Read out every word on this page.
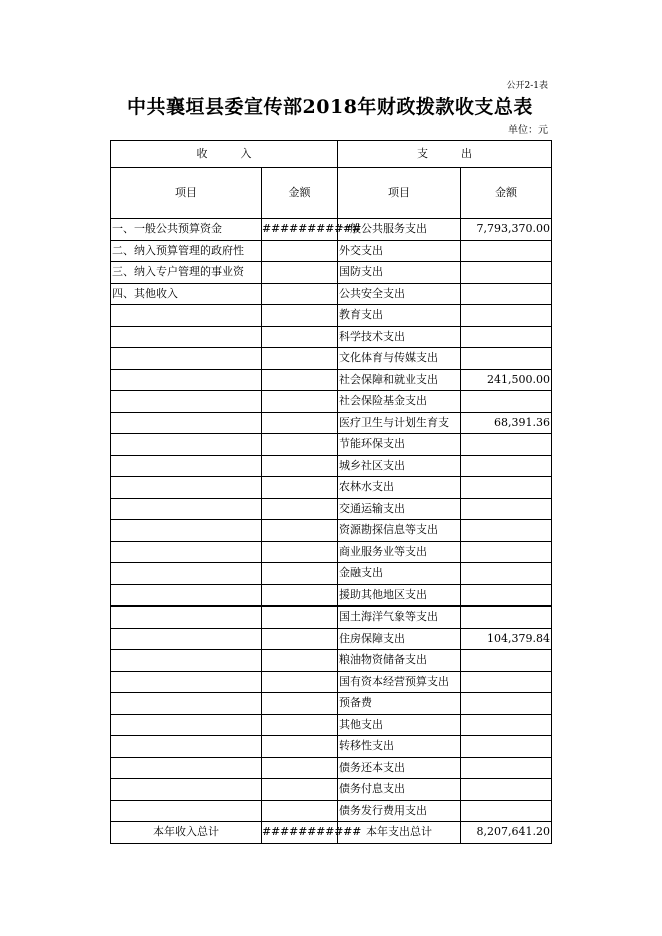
公开2-1表
中共襄垣县委宣传部2018年财政拨款收支总表
单位：元
收　　　入		支　　　出	
项目	金额	项目	金额
一、一般公共预算资金	###########	一般公共服务支出	7,793,370.00
二、纳入预算管理的政府性		外交支出	
三、纳入专户管理的事业资		国防支出	
四、其他收入		公共安全支出	
		教育支出	
		科学技术支出	
		文化体育与传媒支出	
		社会保障和就业支出	241,500.00
		社会保险基金支出	
		医疗卫生与计划生育支	68,391.36
		节能环保支出	
		城乡社区支出	
		农林水支出	
		交通运输支出	
		资源勘探信息等支出	
		商业服务业等支出	
		金融支出	
		援助其他地区支出	
		国土海洋气象等支出	
		住房保障支出	104,379.84
		粮油物资储备支出	
		国有资本经营预算支出	
		预备费	
		其他支出	
		转移性支出	
		债务还本支出	
		债务付息支出	
		债务发行费用支出	
本年收入总计	###########	本年支出总计	8,207,641.20
